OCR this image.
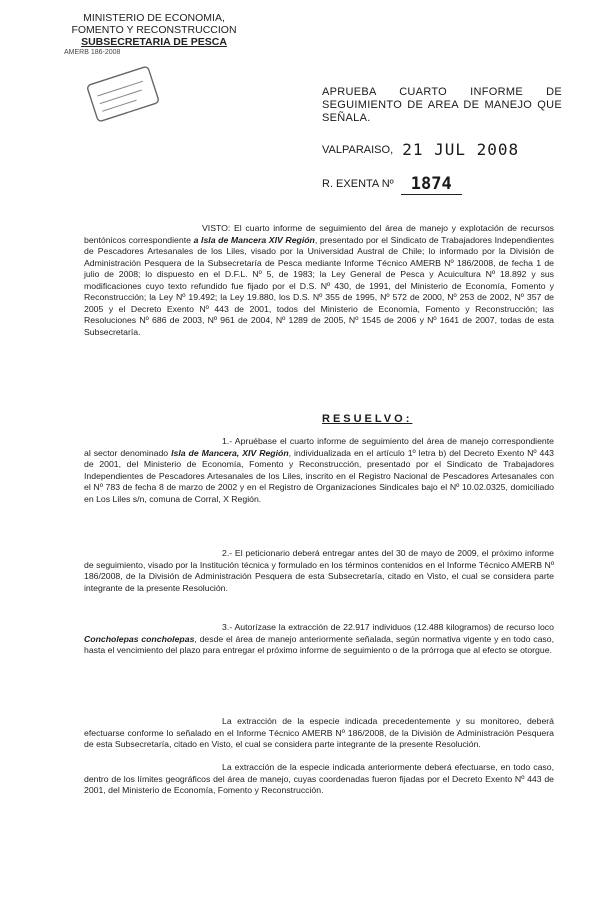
MINISTERIO DE ECONOMIA,
FOMENTO Y RECONSTRUCCION
SUBSECRETARIA DE PESCA
AMERB 186-2008
APRUEBA CUARTO INFORME DE SEGUIMIENTO DE AREA DE MANEJO QUE SEÑALA.
VALPARAISO, 21 JUL 2008
R. EXENTA Nº 1874
VISTO: El cuarto informe de seguimiento del área de manejo y explotación de recursos bentónicos correspondiente a Isla de Mancera XIV Región, presentado por el Sindicato de Trabajadores Independientes de Pescadores Artesanales de los Liles, visado por la Universidad Austral de Chile; lo informado por la División de Administración Pesquera de la Subsecretaría de Pesca mediante Informe Técnico AMERB Nº 186/2008, de fecha 1 de julio de 2008; lo dispuesto en el D.F.L. Nº 5, de 1983; la Ley General de Pesca y Acuicultura Nº 18.892 y sus modificaciones cuyo texto refundido fue fijado por el D.S. Nº 430, de 1991, del Ministerio de Economía, Fomento y Reconstrucción; la Ley Nº 19.492; la Ley 19.880, los D.S. Nº 355 de 1995, Nº 572 de 2000, Nº 253 de 2002, Nº 357 de 2005 y el Decreto Exento Nº 443 de 2001, todos del Ministerio de Economía, Fomento y Reconstrucción; las Resoluciones Nº 686 de 2003, Nº 961 de 2004, Nº 1289 de 2005, Nº 1545 de 2006 y Nº 1641 de 2007, todas de esta Subsecretaría.
RESUELVO:
1.- Apruébase el cuarto informe de seguimiento del área de manejo correspondiente al sector denominado Isla de Mancera, XIV Región, individualizada en el artículo 1º letra b) del Decreto Exento Nº 443 de 2001, del Ministerio de Economía, Fomento y Reconstrucción, presentado por el Sindicato de Trabajadores Independientes de Pescadores Artesanales de los Liles, inscrito en el Registro Nacional de Pescadores Artesanales con el Nº 783 de fecha 8 de marzo de 2002 y en el Registro de Organizaciones Sindicales bajo el Nº 10.02.0325, domiciliado en Los Liles s/n, comuna de Corral, X Región.
2.- El peticionario deberá entregar antes del 30 de mayo de 2009, el próximo informe de seguimiento, visado por la Institución técnica y formulado en los términos contenidos en el Informe Técnico AMERB Nº 186/2008, de la División de Administración Pesquera de esta Subsecretaría, citado en Visto, el cual se considera parte integrante de la presente Resolución.
3.- Autorízase la extracción de 22.917 individuos (12.488 kilogramos) de recurso loco Concholepas concholepas, desde el área de manejo anteriormente señalada, según normativa vigente y en todo caso, hasta el vencimiento del plazo para entregar el próximo informe de seguimiento o de la prórroga que al efecto se otorgue.
La extracción de la especie indicada precedentemente y su monitoreo, deberá efectuarse conforme lo señalado en el Informe Técnico AMERB Nº 186/2008, de la División de Administración Pesquera de esta Subsecretaría, citado en Visto, el cual se considera parte integrante de la presente Resolución.
La extracción de la especie indicada anteriormente deberá efectuarse, en todo caso, dentro de los límites geográficos del área de manejo, cuyas coordenadas fueron fijadas por el Decreto Exento Nº 443 de 2001, del Ministerio de Economía, Fomento y Reconstrucción.
